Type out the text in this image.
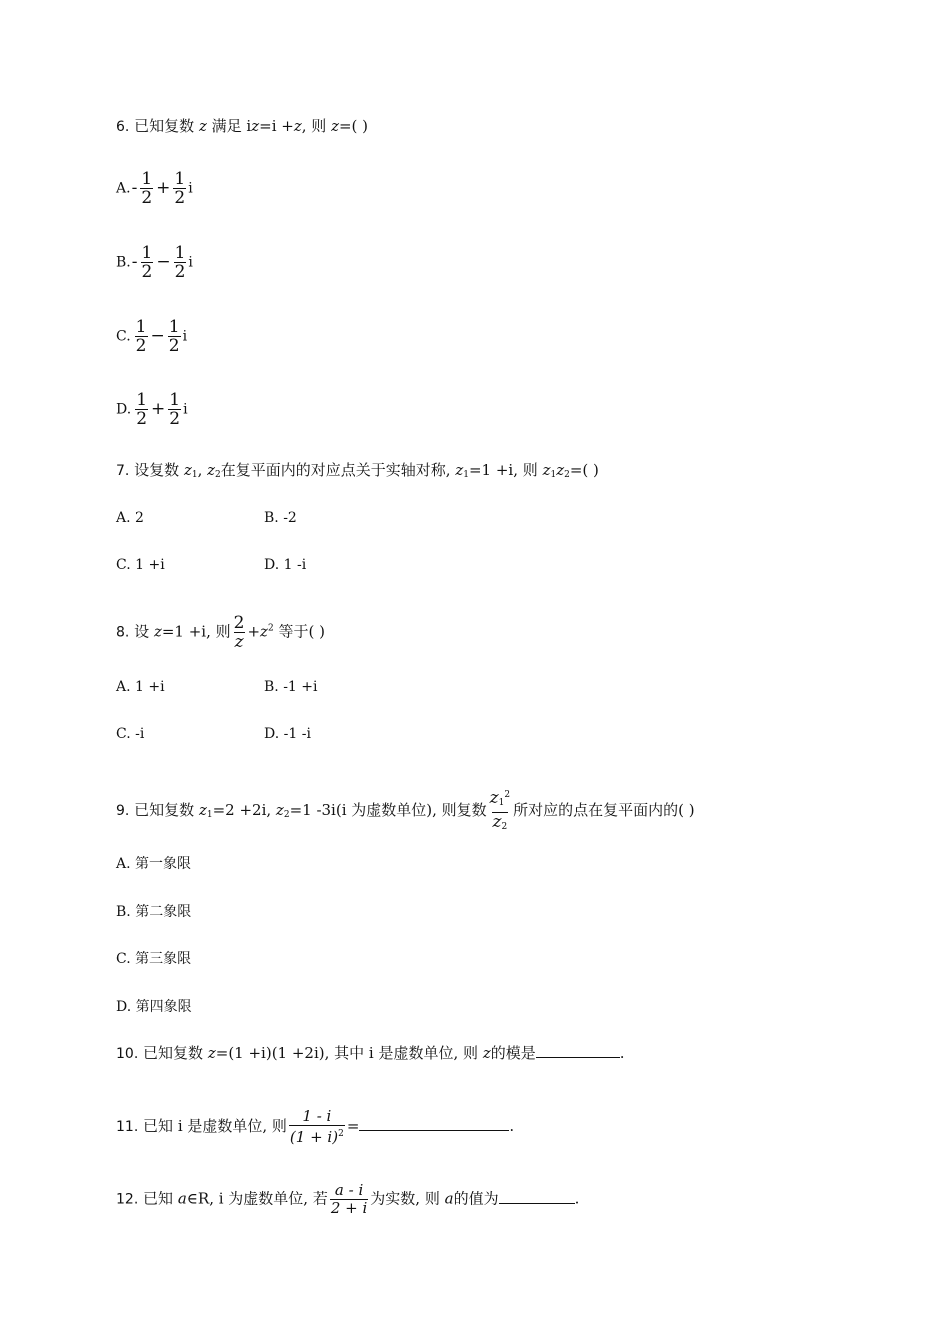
6. 已知复数 z 满足 iz=i +z, 则 z=( )
$A.- \frac{1}{2} + \frac{1}{2}$ i
$B.- \frac{1}{2} - \frac{1}{2}$ i
C. $\frac{1}{2} - \frac{1}{2}$ i
D. $\frac{1}{2} + \frac{1}{2}$ i
7. 设复数 $z_1$, $z_2$在复平面内的对应点关于实轴对称, $z_1=1 +i$, 则 $z_1z_2=$( )
A. 2	B. -2
C. 1 +i	D. 1 -i
8. 设 z=1 +i, 则 $\frac{2}{z} +z^2$ 等于( )
A. 1 +i	B. -1 +i
C. -i	D. -1 -i
9. 已知复数 $z_1=2 +2i$, $z_2=1$ -3i(i 为虚数单位), 则复数 $\frac{z_1^2}{z_2}$ 所对应的点在复平面内的( )
A. 第一象限
B. 第二象限
C. 第三象限
D. 第四象限
10. 已知复数 z=(1 +i)(1 +2i), 其中 i 是虚数单位, 则 z的模是	.
11. 已知 i 是虚数单位, 则 $\frac{1 - i}{(1 + i)^2}$ =	.
12. 已知 a∈R, i 为虚数单位, 若 $\frac{a - i}{2 + i}$ 为实数, 则 a的值为	.
